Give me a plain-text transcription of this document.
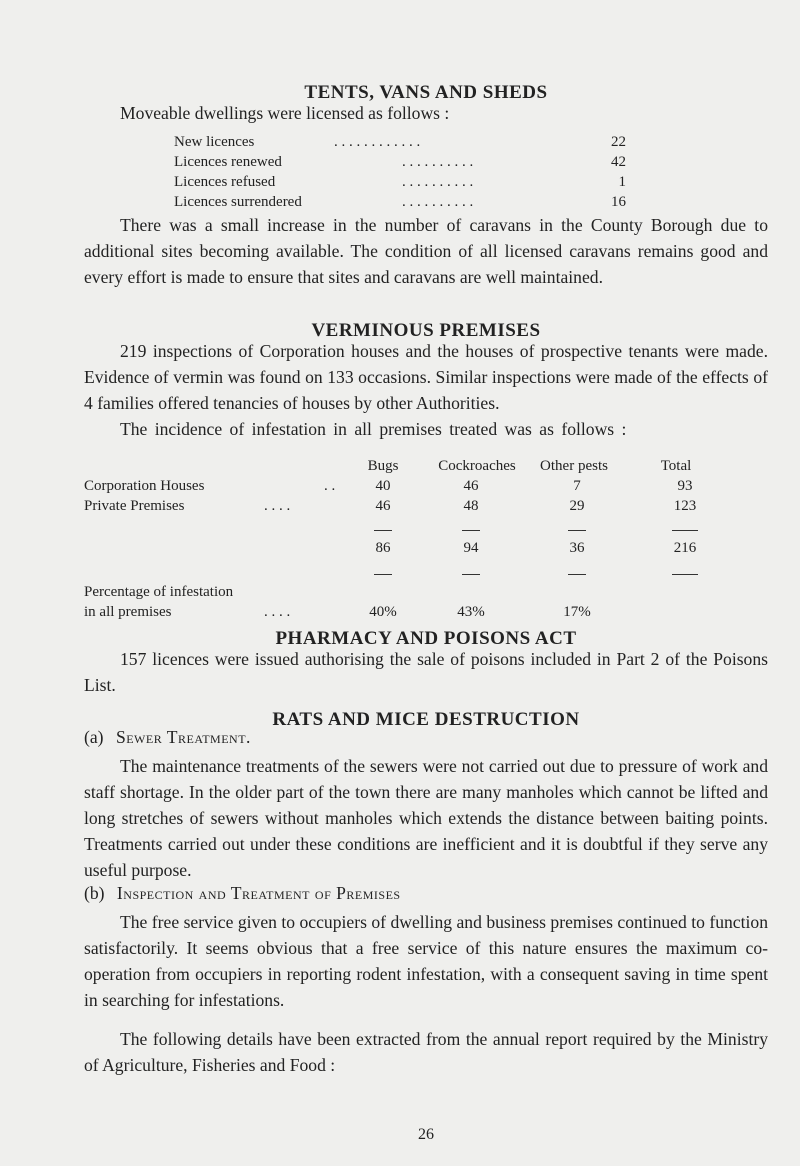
TENTS, VANS AND SHEDS

Moveable dwellings were licensed as follows :

New licences	. . . . . . . . . . . .	22
Licences renewed	. . . . . . . . . .	42
Licences refused	. . . . . . . . . .	1
Licences surrendered	. . . . . . . . . .	16

There was a small increase in the number of caravans in the County Borough due to additional sites becoming available. The condition of all licensed caravans remains good and every effort is made to ensure that sites and caravans are well maintained.

VERMINOUS PREMISES

219 inspections of Corporation houses and the houses of prospective tenants were made. Evidence of vermin was found on 133 occasions. Similar inspections were made of the effects of 4 families offered tenancies of houses by other Authorities.

The incidence of infestation in all premises treated was as follows :

Bugs	Cockroaches	Other pests	Total
Corporation Houses	. .	40	46	7	93
Private Premises	. . . .	46	48	29	123
86	94	36	216
Percentage of infestation
in all premises	. . . .	40%	43%	17%
PHARMACY AND POISONS ACT

157 licences were issued authorising the sale of poisons included in Part 2 of the Poisons List.

RATS AND MICE DESTRUCTION
(a) Sewer Treatment.

The maintenance treatments of the sewers were not carried out due to pressure of work and staff shortage. In the older part of the town there are many manholes which cannot be lifted and long stretches of sewers without manholes which extends the distance between baiting points. Treatments carried out under these conditions are inefficient and it is doubtful if they serve any useful purpose.

(b) Inspection and Treatment of Premises

The free service given to occupiers of dwelling and business premises continued to function satisfactorily. It seems obvious that a free service of this nature ensures the maximum co-operation from occupiers in reporting rodent infestation, with a consequent saving in time spent in searching for infestations.

The following details have been extracted from the annual report required by the Ministry of Agriculture, Fisheries and Food :

26
